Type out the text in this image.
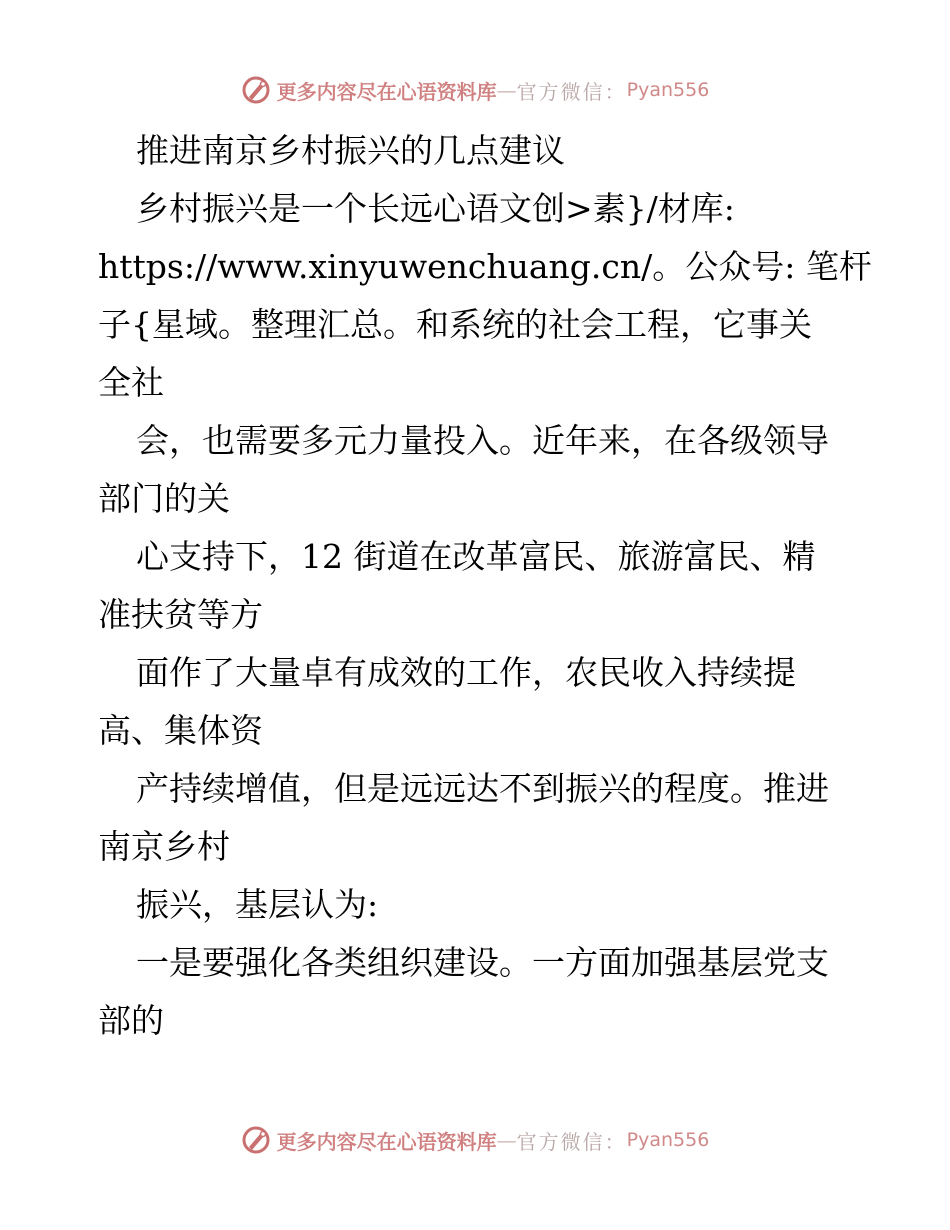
更多内容尽在心语资料库 — 官方微信： Pyan556
推进南京乡村振兴的几点建议
乡村振兴是一个长远心语文创>素}/材库:
https://www.xinyuwenchuang.cn/。公众号: 笔杆
子{星域。整理汇总。和系统的社会工程，它事关
全社
会，也需要多元力量投入。近年来，在各级领导
部门的关
心支持下，12 街道在改革富民、旅游富民、精
准扶贫等方
面作了大量卓有成效的工作，农民收入持续提
高、集体资
产持续增值，但是远远达不到振兴的程度。推进
南京乡村
振兴，基层认为:
一是要强化各类组织建设。一方面加强基层党支
部的
更多内容尽在心语资料库 — 官方微信： Pyan556
